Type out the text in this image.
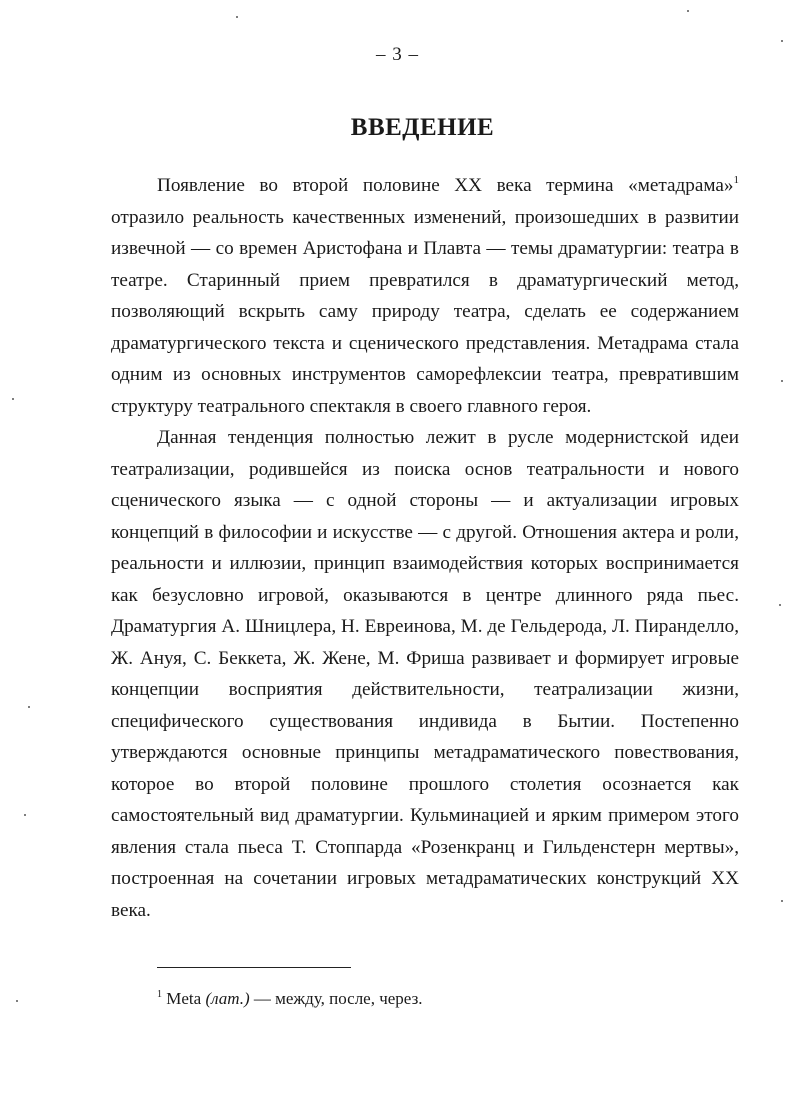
– 3 –
ВВЕДЕНИЕ

Появление во второй половине XX века термина «метадрама»$^1$ отразило реальность качественных изменений, произошедших в развитии извечной — со времен Аристофана и Плавта — темы драматургии: театра в театре. Старинный прием превратился в драматургический метод, позволяющий вскрыть саму природу театра, сделать ее содержанием драматургического текста и сценического представления. Метадрама стала одним из основных инструментов саморефлексии театра, превратившим структуру театрального спектакля в своего главного героя.

Данная тенденция полностью лежит в русле модернистской идеи театрализации, родившейся из поиска основ театральности и нового сценического языка — с одной стороны — и актуализации игровых концепций в философии и искусстве — с другой. Отношения актера и роли, реальности и иллюзии, принцип взаимодействия которых воспринимается как безусловно игровой, оказываются в центре длинного ряда пьес. Драматургия А. Шницлера, Н. Евреинова, М. де Гельдерода, Л. Пиранделло, Ж. Ануя, С. Беккета, Ж. Жене, М. Фриша развивает и формирует игровые концепции восприятия действительности, театрализации жизни, специфического существования индивида в Бытии. Постепенно утверждаются основные принципы метадраматического повествования, которое во второй половине прошлого столетия осознается как самостоятельный вид драматургии. Кульминацией и ярким примером этого явления стала пьеса Т. Стоппарда «Розенкранц и Гильденстерн мертвы», построенная на сочетании игровых метадраматических конструкций XX века.

$^1$ Meta (лат.) — между, после, через.
